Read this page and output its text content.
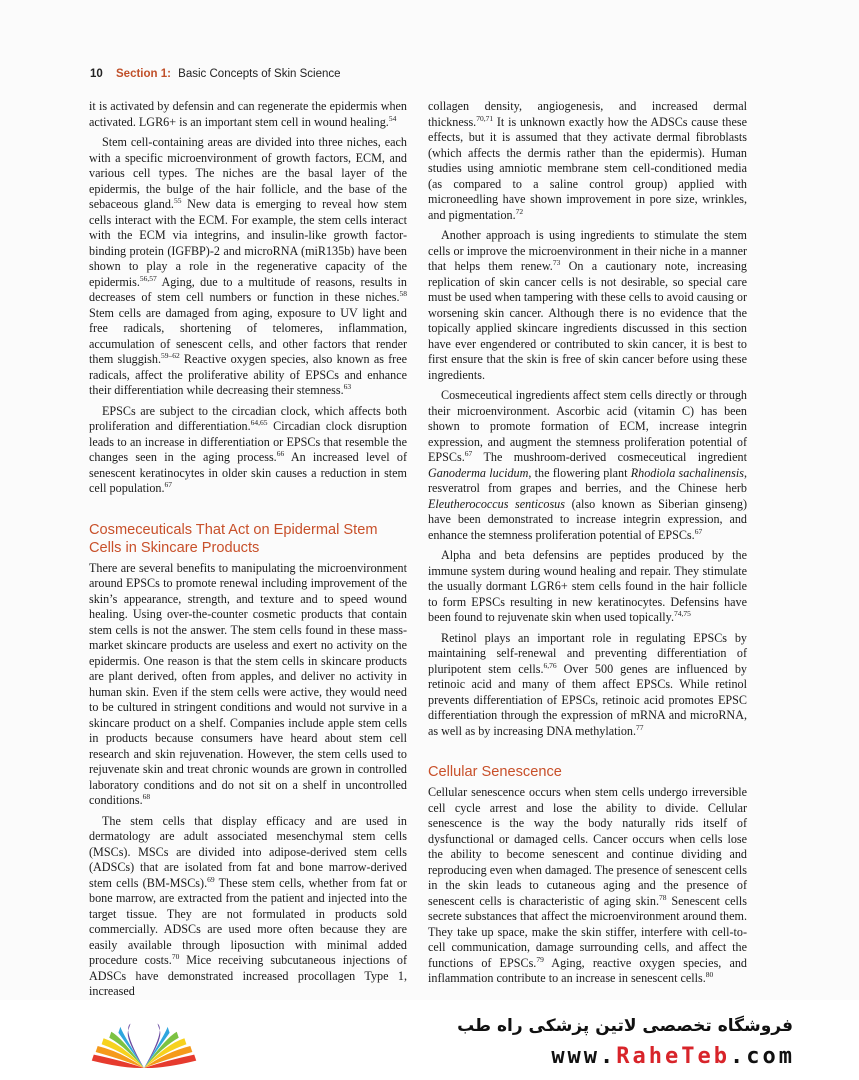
10 Section 1: Basic Concepts of Skin Science

it is activated by defensin and can regenerate the epidermis when activated. LGR6+ is an important stem cell in wound healing.$^{54}$

Stem cell-containing areas are divided into three niches, each with a specific microenvironment of growth factors, ECM, and various cell types. The niches are the basal layer of the epidermis, the bulge of the hair follicle, and the base of the sebaceous gland.$^{55}$ New data is emerging to reveal how stem cells interact with the ECM. For example, the stem cells interact with the ECM via integrins, and insulin-like growth factor-binding protein (IGFBP)-2 and microRNA (miR135b) have been shown to play a role in the regenerative capacity of the epidermis.$^{56,57}$ Aging, due to a multitude of reasons, results in decreases of stem cell numbers or function in these niches.$^{58}$ Stem cells are damaged from aging, exposure to UV light and free radicals, shortening of telomeres, inflammation, accumulation of senescent cells, and other factors that render them sluggish.$^{59-62}$ Reactive oxygen species, also known as free radicals, affect the proliferative ability of EPSCs and enhance their differentiation while decreasing their stemness.$^{63}$

EPSCs are subject to the circadian clock, which affects both proliferation and differentiation.$^{64,65}$ Circadian clock disruption leads to an increase in differentiation or EPSCs that resemble the changes seen in the aging process.$^{66}$ An increased level of senescent keratinocytes in older skin causes a reduction in stem cell population.$^{67}$

Cosmeceuticals That Act on Epidermal Stem Cells in Skincare Products

There are several benefits to manipulating the microenvironment around EPSCs to promote renewal including improvement of the skin’s appearance, strength, and texture and to speed wound healing. Using over-the-counter cosmetic products that contain stem cells is not the answer. The stem cells found in these mass-market skincare products are useless and exert no activity on the epidermis. One reason is that the stem cells in skincare products are plant derived, often from apples, and deliver no activity in human skin. Even if the stem cells were active, they would need to be cultured in stringent conditions and would not survive in a skincare product on a shelf. Companies include apple stem cells in products because consumers have heard about stem cell research and skin rejuvenation. However, the stem cells used to rejuvenate skin and treat chronic wounds are grown in controlled laboratory conditions and do not sit on a shelf in uncontrolled conditions.$^{68}$

The stem cells that display efficacy and are used in dermatology are adult associated mesenchymal stem cells (MSCs). MSCs are divided into adipose-derived stem cells (ADSCs) that are isolated from fat and bone marrow-derived stem cells (BM-MSCs).$^{69}$ These stem cells, whether from fat or bone marrow, are extracted from the patient and injected into the target tissue. They are not formulated in products sold commercially. ADSCs are used more often because they are easily available through liposuction with minimal added procedure costs.$^{70}$ Mice receiving subcutaneous injections of ADSCs have demonstrated increased procollagen Type 1, increased

collagen density, angiogenesis, and increased dermal thickness.$^{70,71}$ It is unknown exactly how the ADSCs cause these effects, but it is assumed that they activate dermal fibroblasts (which affects the dermis rather than the epidermis). Human studies using amniotic membrane stem cell-conditioned media (as compared to a saline control group) applied with microneedling have shown improvement in pore size, wrinkles, and pigmentation.$^{72}$

Another approach is using ingredients to stimulate the stem cells or improve the microenvironment in their niche in a manner that helps them renew.$^{73}$ On a cautionary note, increasing replication of skin cancer cells is not desirable, so special care must be used when tampering with these cells to avoid causing or worsening skin cancer. Although there is no evidence that the topically applied skincare ingredients discussed in this section have ever engendered or contributed to skin cancer, it is best to first ensure that the skin is free of skin cancer before using these ingredients.

Cosmeceutical ingredients affect stem cells directly or through their microenvironment. Ascorbic acid (vitamin C) has been shown to promote formation of ECM, increase integrin expression, and augment the stemness proliferation potential of EPSCs.$^{67}$ The mushroom-derived cosmeceutical ingredient Ganoderma lucidum, the flowering plant Rhodiola sachalinensis, resveratrol from grapes and berries, and the Chinese herb Eleutherococcus senticosus (also known as Siberian ginseng) have been demonstrated to increase integrin expression, and enhance the stemness proliferation potential of EPSCs.$^{67}$

Alpha and beta defensins are peptides produced by the immune system during wound healing and repair. They stimulate the usually dormant LGR6+ stem cells found in the hair follicle to form EPSCs resulting in new keratinocytes. Defensins have been found to rejuvenate skin when used topically.$^{74,75}$

Retinol plays an important role in regulating EPSCs by maintaining self-renewal and preventing differentiation of pluripotent stem cells.$^{6,76}$ Over 500 genes are influenced by retinoic acid and many of them affect EPSCs. While retinol prevents differentiation of EPSCs, retinoic acid promotes EPSC differentiation through the expression of mRNA and microRNA, as well as by increasing DNA methylation.$^{77}$

Cellular Senescence

Cellular senescence occurs when stem cells undergo irreversible cell cycle arrest and lose the ability to divide. Cellular senescence is the way the body naturally rids itself of dysfunctional or damaged cells. Cancer occurs when cells lose the ability to become senescent and continue dividing and reproducing even when damaged. The presence of senescent cells in the skin leads to cutaneous aging and the presence of senescent cells is characteristic of aging skin.$^{78}$ Senescent cells secrete substances that affect the microenvironment around them. They take up space, make the skin stiffer, interfere with cell-to-cell communication, damage surrounding cells, and affect the functions of EPSCs.$^{79}$ Aging, reactive oxygen species, and inflammation contribute to an increase in senescent cells.$^{80}$

فروشگاه تخصصی لاتین پزشکی راه طب
www.RaheTeb.com
